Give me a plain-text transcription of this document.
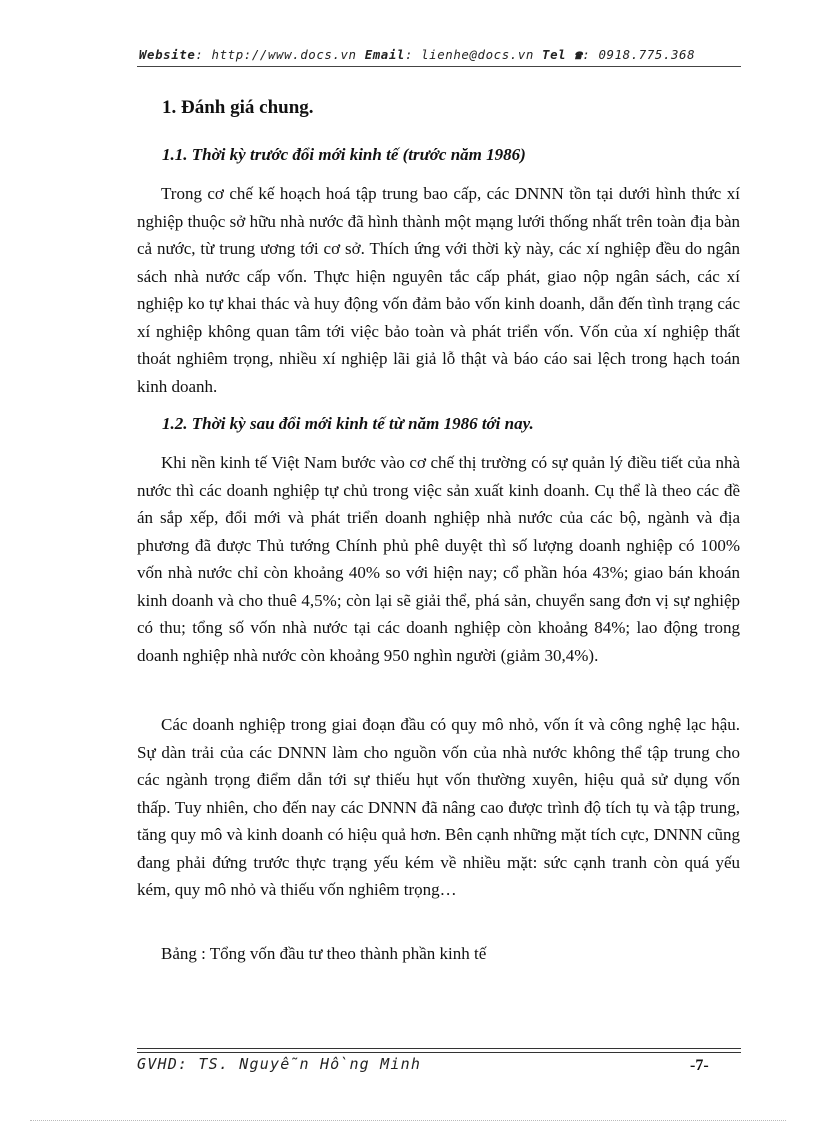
Website: http://www.docs.vn Email: lienhe@docs.vn Tel ☎: 0918.775.368
1. Đánh giá chung.
1.1. Thời kỳ trước đổi mới kinh tế (trước năm 1986)

Trong cơ chế kế hoạch hoá tập trung bao cấp, các DNNN tồn tại dưới hình thức xí nghiệp thuộc sở hữu nhà nước đã hình thành một mạng lưới thống nhất trên toàn địa bàn cả nước, từ trung ương tới cơ sở. Thích ứng với thời kỳ này, các xí nghiệp đều do ngân sách nhà nước cấp vốn. Thực hiện nguyên tắc cấp phát, giao nộp ngân sách, các xí nghiệp ko tự khai thác và huy động vốn đảm bảo vốn kinh doanh, dẫn đến tình trạng các xí nghiệp không quan tâm tới việc bảo toàn và phát triển vốn. Vốn của xí nghiệp thất thoát nghiêm trọng, nhiều xí nghiệp lãi giả lỗ thật và báo cáo sai lệch trong hạch toán kinh doanh.

1.2. Thời kỳ sau đổi mới kinh tế từ năm 1986 tới nay.

Khi nền kinh tế Việt Nam bước vào cơ chế thị trường có sự quản lý điều tiết của nhà nước thì các doanh nghiệp tự chủ trong việc sản xuất kinh doanh. Cụ thể là theo các đề án sắp xếp, đổi mới và phát triển doanh nghiệp nhà nước của các bộ, ngành và địa phương đã được Thủ tướng Chính phủ phê duyệt thì số lượng doanh nghiệp có 100% vốn nhà nước chỉ còn khoảng 40% so với hiện nay; cổ phần hóa 43%; giao bán khoán kinh doanh và cho thuê 4,5%; còn lại sẽ giải thể, phá sản, chuyển sang đơn vị sự nghiệp có thu; tổng số vốn nhà nước tại các doanh nghiệp còn khoảng 84%; lao động trong doanh nghiệp nhà nước còn khoảng 950 nghìn người (giảm 30,4%).

Các doanh nghiệp trong giai đoạn đầu có quy mô nhỏ, vốn ít và công nghệ lạc hậu. Sự dàn trải của các DNNN làm cho nguồn vốn của nhà nước không thể tập trung cho các ngành trọng điểm dẫn tới sự thiếu hụt vốn thường xuyên, hiệu quả sử dụng vốn thấp. Tuy nhiên, cho đến nay các DNNN đã nâng cao được trình độ tích tụ và tập trung, tăng quy mô và kinh doanh có hiệu quả hơn. Bên cạnh những mặt tích cực, DNNN cũng đang phải đứng trước thực trạng yếu kém về nhiều mặt: sức cạnh tranh còn quá yếu kém, quy mô nhỏ và thiếu vốn nghiêm trọng…

Bảng : Tổng vốn đầu tư theo thành phần kinh tế
GVHD: TS. Nguyễn Hồng Minh	-7-
